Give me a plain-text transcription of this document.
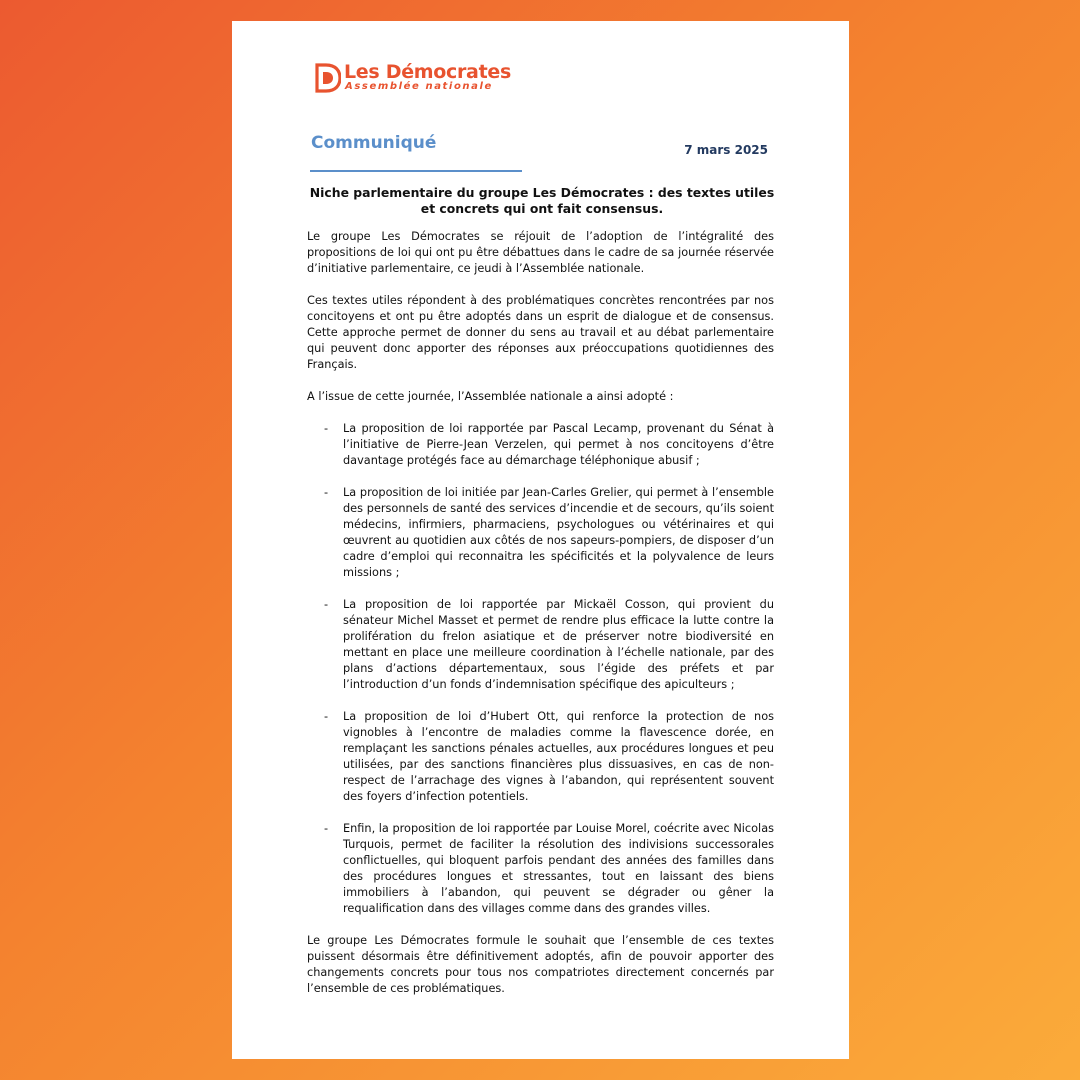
Les Démocrates
Assemblée nationale
Communiqué	7 mars 2025
Niche parlementaire du groupe Les Démocrates : des textes utiles et concrets qui ont fait consensus.

Le groupe Les Démocrates se réjouit de l’adoption de l’intégralité des propositions de loi qui ont pu être débattues dans le cadre de sa journée réservée d’initiative parlementaire, ce jeudi à l’Assemblée nationale.

Ces textes utiles répondent à des problématiques concrètes rencontrées par nos concitoyens et ont pu être adoptés dans un esprit de dialogue et de consensus. Cette approche permet de donner du sens au travail et au débat parlementaire qui peuvent donc apporter des réponses aux préoccupations quotidiennes des Français.

A l’issue de cette journée, l’Assemblée nationale a ainsi adopté :

- La proposition de loi rapportée par Pascal Lecamp, provenant du Sénat à l’initiative de Pierre-Jean Verzelen, qui permet à nos concitoyens d’être davantage protégés face au démarchage téléphonique abusif ;
- La proposition de loi initiée par Jean-Carles Grelier, qui permet à l’ensemble des personnels de santé des services d’incendie et de secours, qu’ils soient médecins, infirmiers, pharmaciens, psychologues ou vétérinaires et qui œuvrent au quotidien aux côtés de nos sapeurs-pompiers, de disposer d’un cadre d’emploi qui reconnaitra les spécificités et la polyvalence de leurs missions ;
- La proposition de loi rapportée par Mickaël Cosson, qui provient du sénateur Michel Masset et permet de rendre plus efficace la lutte contre la prolifération du frelon asiatique et de préserver notre biodiversité en mettant en place une meilleure coordination à l’échelle nationale, par des plans d’actions départementaux, sous l’égide des préfets et par l’introduction d’un fonds d’indemnisation spécifique des apiculteurs ;
- La proposition de loi d’Hubert Ott, qui renforce la protection de nos vignobles à l’encontre de maladies comme la flavescence dorée, en remplaçant les sanctions pénales actuelles, aux procédures longues et peu utilisées, par des sanctions financières plus dissuasives, en cas de non-respect de l’arrachage des vignes à l’abandon, qui représentent souvent des foyers d’infection potentiels.
- Enfin, la proposition de loi rapportée par Louise Morel, coécrite avec Nicolas Turquois, permet de faciliter la résolution des indivisions successorales conflictuelles, qui bloquent parfois pendant des années des familles dans des procédures longues et stressantes, tout en laissant des biens immobiliers à l’abandon, qui peuvent se dégrader ou gêner la requalification dans des villages comme dans des grandes villes.

Le groupe Les Démocrates formule le souhait que l’ensemble de ces textes puissent désormais être définitivement adoptés, afin de pouvoir apporter des changements concrets pour tous nos compatriotes directement concernés par l’ensemble de ces problématiques.
